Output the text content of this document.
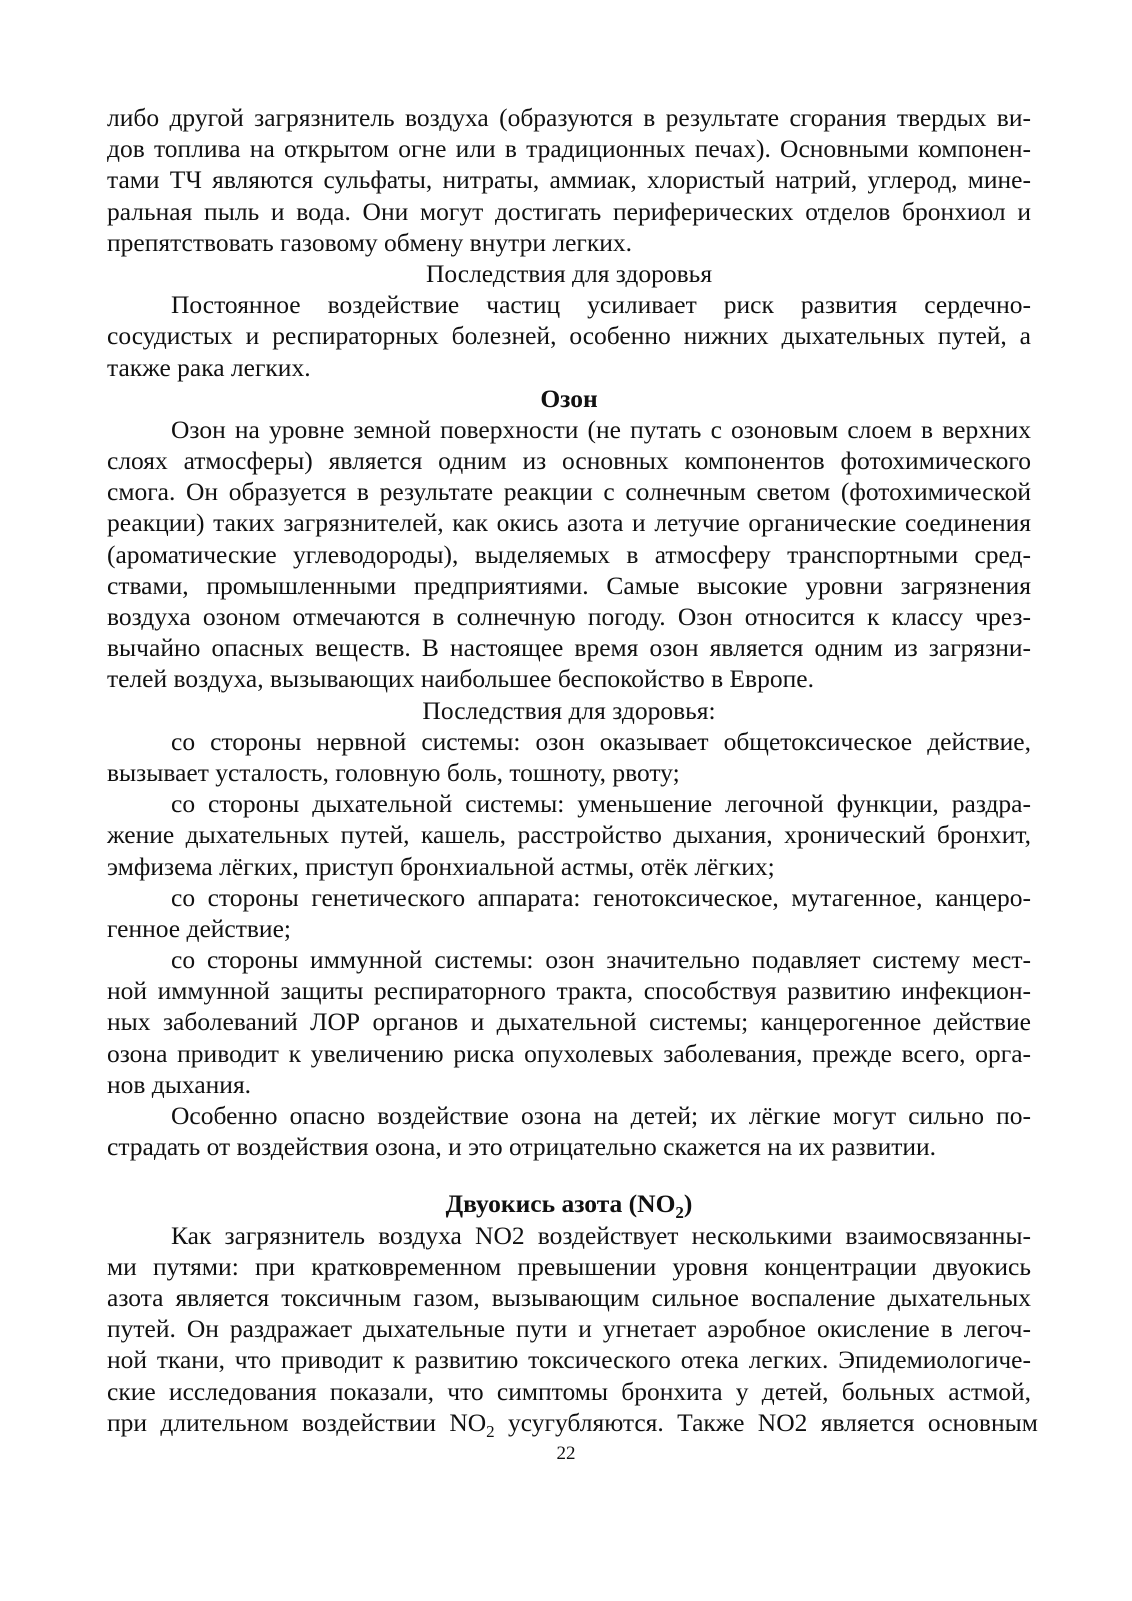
либо другой загрязнитель воздуха (образуются в результате сгорания твердых ви-
дов топлива на открытом огне или в традиционных печах). Основными компонен-
тами ТЧ являются сульфаты, нитраты, аммиак, хлористый натрий, углерод, мине-
ральная пыль и вода. Они могут достигать периферических отделов бронхиол и
препятствовать газовому обмену внутри легких.
Последствия для здоровья
Постоянное воздействие частиц усиливает риск развития сердечно-
сосудистых и респираторных болезней, особенно нижних дыхательных путей, а
также рака легких.
Озон
Озон на уровне земной поверхности (не путать с озоновым слоем в верхних
слоях атмосферы) является одним из основных компонентов фотохимического
смога. Он образуется в результате реакции с солнечным светом (фотохимической
реакции) таких загрязнителей, как окись азота и летучие органические соединения
(ароматические углеводороды), выделяемых в атмосферу транспортными сред-
ствами, промышленными предприятиями. Самые высокие уровни загрязнения
воздуха озоном отмечаются в солнечную погоду. Озон относится к классу чрез-
вычайно опасных веществ. В настоящее время озон является одним из загрязни-
телей воздуха, вызывающих наибольшее беспокойство в Европе.
Последствия для здоровья:
со стороны нервной системы: озон оказывает общетоксическое действие,
вызывает усталость, головную боль, тошноту, рвоту;
со стороны дыхательной системы: уменьшение легочной функции, раздра-
жение дыхательных путей, кашель, расстройство дыхания, хронический бронхит,
эмфизема лёгких, приступ бронхиальной астмы, отёк лёгких;
со стороны генетического аппарата: генотоксическое, мутагенное, канцеро-
генное действие;
со стороны иммунной системы: озон значительно подавляет систему мест-
ной иммунной защиты респираторного тракта, способствуя развитию инфекцион-
ных заболеваний ЛОР органов и дыхательной системы; канцерогенное действие
озона приводит к увеличению риска опухолевых заболевания, прежде всего, орга-
нов дыхания.
Особенно опасно воздействие озона на детей; их лёгкие могут сильно по-
страдать от воздействия озона, и это отрицательно скажется на их развитии.
Двуокись азота $(NO_2)$
Как загрязнитель воздуха NO2 воздействует несколькими взаимосвязанны-
ми путями: при кратковременном превышении уровня концентрации двуокись
азота является токсичным газом, вызывающим сильное воспаление дыхательных
путей. Он раздражает дыхательные пути и угнетает аэробное окисление в легоч-
ной ткани, что приводит к развитию токсического отека легких. Эпидемиологиче-
ские исследования показали, что симптомы бронхита у детей, больных астмой,
при длительном воздействии $NO_2$ усугубляются. Также NO2 является основным
22
